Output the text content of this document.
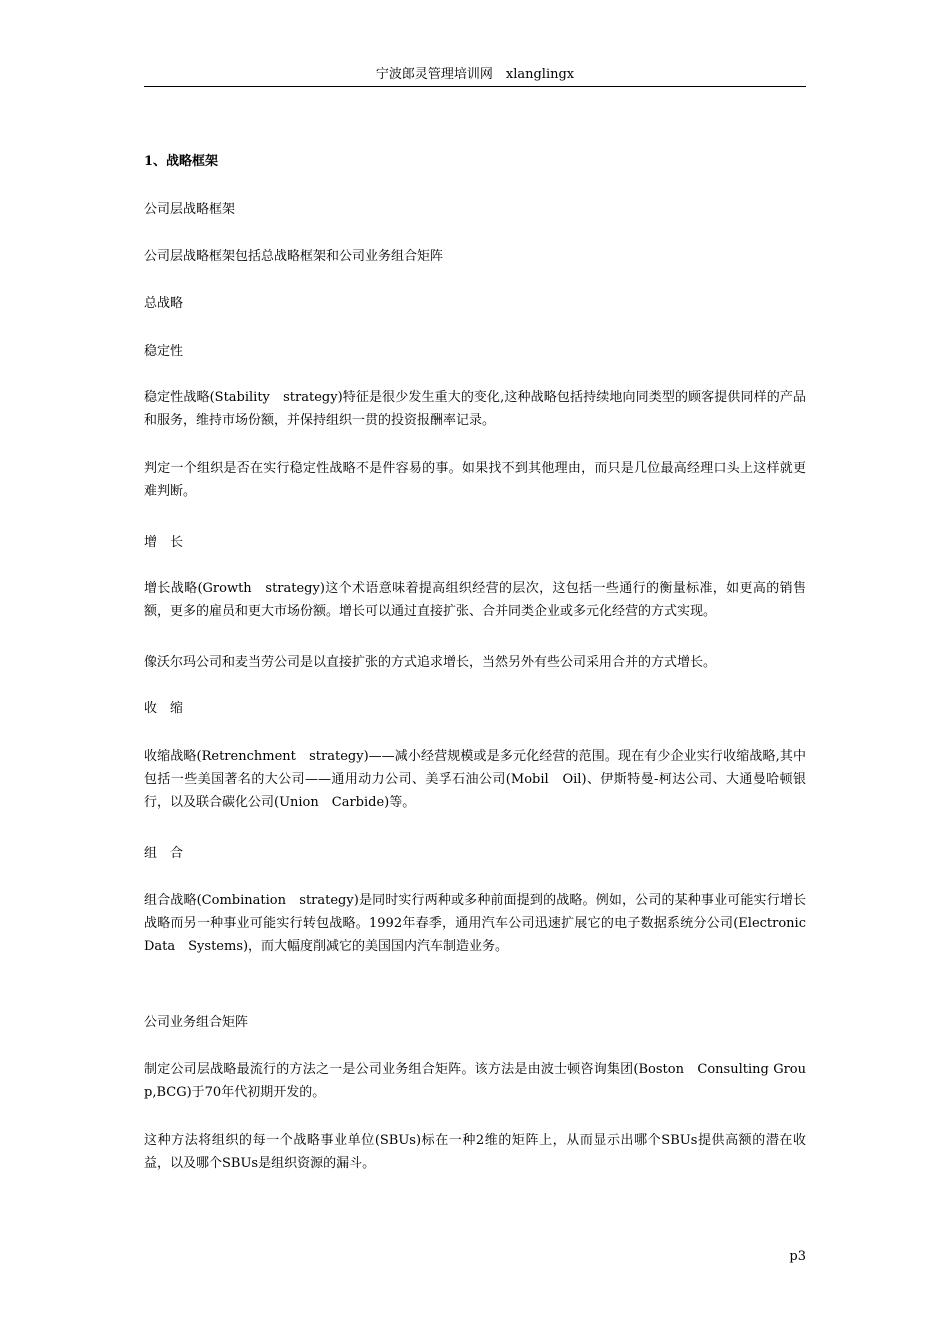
宁波郎灵管理培训网　xlanglingx

1、战略框架

公司层战略框架

公司层战略框架包括总战略框架和公司业务组合矩阵

总战略

稳定性

稳定性战略(Stability　strategy)特征是很少发生重大的变化,这种战略包括持续地向同类型的顾客提供同样的产品和服务，维持市场份额，并保持组织一贯的投资报酬率记录。

判定一个组织是否在实行稳定性战略不是件容易的事。如果找不到其他理由，而只是几位最高经理口头上这样就更难判断。

增　长

增长战略(Growth　strategy)这个术语意味着提高组织经营的层次，这包括一些通行的衡量标准，如更高的销售额，更多的雇员和更大市场份额。增长可以通过直接扩张、合并同类企业或多元化经营的方式实现。

像沃尔玛公司和麦当劳公司是以直接扩张的方式追求增长，当然另外有些公司采用合并的方式增长。

收　缩

收缩战略(Retrenchment　strategy)——减小经营规模或是多元化经营的范围。现在有少企业实行收缩战略,其中包括一些美国著名的大公司——通用动力公司、美孚石油公司(Mobil　Oil)、伊斯特曼-柯达公司、大通曼哈顿银行，以及联合碳化公司(Union　Carbide)等。

组　合

组合战略(Combination　strategy)是同时实行两种或多种前面提到的战略。例如，公司的某种事业可能实行增长战略而另一种事业可能实行转包战略。1992年春季，通用汽车公司迅速扩展它的电子数据系统分公司(Electronic　Data　Systems)，而大幅度削减它的美国国内汽车制造业务。

公司业务组合矩阵

制定公司层战略最流行的方法之一是公司业务组合矩阵。该方法是由波士顿咨询集团(Boston　Consulting Group,BCG)于70年代初期开发的。

这种方法将组织的每一个战略事业单位(SBUs)标在一种2维的矩阵上，从而显示出哪个SBUs提供高额的潜在收益，以及哪个SBUs是组织资源的漏斗。

p3
